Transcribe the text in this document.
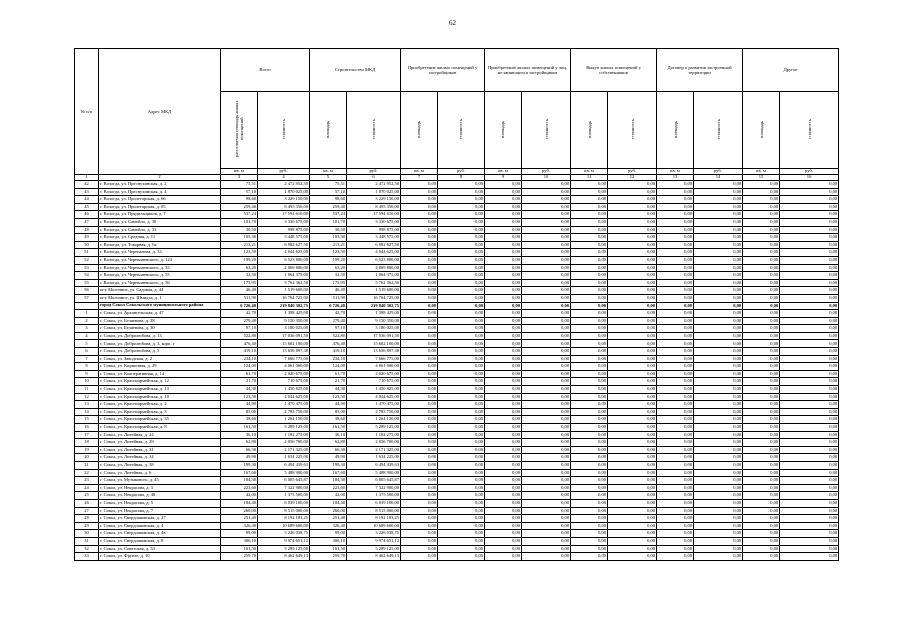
62
№ п/п	Адрес МКД	Всего		Строительство МКД		Приобретение жилых помещений у застройщиков		Приобретение жилых помещений у лиц, не являющихся застройщиком		Выкуп жилых помещений у собственников		Договор о развитии застроенной территории		Другое	
		расселяемая площадь жилых помещений	стоимость	площадь	стоимость	площадь	стоимость	площадь	стоимость	площадь	стоимость	площадь	стоимость	площадь	стоимость
		кв. м	руб.	кв. м	руб.	кв. м	руб.	кв. м	руб.	кв. м	руб.	кв. м	руб.	кв. м	руб.
1	2	3	4	5	6	7	8	9	10	11	12	13	14	15	16
42	г. Вологда, ул. Преснухинская, д. 2	75,51	2 472 952,50	75,51	2 472 952,50	0,00	0,00	0,00	0,00	0,00	0,00	0,00	0,00	0,00	0,00
43	г. Вологда, ул. Преснухинская, д. 4	57,10	1 870 025,00	57,10	1 870 025,00	0,00	0,00	0,00	0,00	0,00	0,00	0,00	0,00	0,00	0,00
44	г. Вологда, ул. Пролетарская, д. 66	98,60	3 229 150,00	98,60	3 229 150,00	0,00	0,00	0,00	0,00	0,00	0,00	0,00	0,00	0,00	0,00
45	г. Вологда, ул. Пролетарская, д. 85	259,40	8 495 350,00	259,40	8 495 350,00	0,00	0,00	0,00	0,00	0,00	0,00	0,00	0,00	0,00	0,00
46	г. Вологда, ул. Прядильщиков, д. 7	537,24	17 594 610,00	537,24	17 594 610,00	0,00	0,00	0,00	0,00	0,00	0,00	0,00	0,00	0,00	0,00
47	г. Вологда, ул. Самойло, д. 30	101,70	3 330 675,00	101,70	3 330 675,00	0,00	0,00	0,00	0,00	0,00	0,00	0,00	0,00	0,00	0,00
48	г. Вологда, ул. Самойло, д. 33	30,50	998 875,00	30,50	998 875,00	0,00	0,00	0,00	0,00	0,00	0,00	0,00	0,00	0,00	0,00
49	г. Вологда, ул. Средняя, д. 11	105,30	3 448 575,00	105,30	3 448 575,00	0,00	0,00	0,00	0,00	0,00	0,00	0,00	0,00	0,00	0,00
50	г. Вологда, ул. Товарная, д. 6а	213,21	6 982 627,50	213,21	6 982 627,50	0,00	0,00	0,00	0,00	0,00	0,00	0,00	0,00	0,00	0,00
51	г. Вологда, ул. Черепанова, д. 33	123,50	4 044 625,00	123,50	4 044 625,00	0,00	0,00	0,00	0,00	0,00	0,00	0,00	0,00	0,00	0,00
52	г. Вологда, ул. Чернышевского, д. 124	199,20	6 523 800,00	199,20	6 523 800,00	0,00	0,00	0,00	0,00	0,00	0,00	0,00	0,00	0,00	0,00
53	г. Вологда, ул. Чернышевского, д. 35	63,20	2 069 800,00	63,20	2 069 800,00	0,00	0,00	0,00	0,00	0,00	0,00	0,00	0,00	0,00	0,00
54	г. Вологда, ул. Чернышевского, д. 55	32,50	1 064 375,00	32,50	1 064 375,00	0,00	0,00	0,00	0,00	0,00	0,00	0,00	0,00	0,00	0,00
55	г. Вологда, ул. Чернышевского, д. 56	175,95	5 762 362,50	175,95	5 762 362,50	0,00	0,00	0,00	0,00	0,00	0,00	0,00	0,00	0,00	0,00
56	пгт. Молочное, ул. Садовая, д. 44	46,40	1 519 600,00	46,40	1 519 600,00	0,00	0,00	0,00	0,00	0,00	0,00	0,00	0,00	0,00	0,00
57	пгт. Молочное, ул. Шмидта, д. 1	511,90	16 764 725,00	511,90	16 764 725,00	0,00	0,00	0,00	0,00	0,00	0,00	0,00	0,00	0,00	0,00
	город Сокол Сокольского муниципального района	6 726,40	219 840 302,75	6 726,40	219 840 302,75	0,00	0,00	0,00	0,00	0,00	0,00	0,00	0,00	0,00	0,00
1	г. Сокол, ул. Архангельская, д. 47	42,70	1 398 425,00	42,70	1 398 425,00	0,00	0,00	0,00	0,00	0,00	0,00	0,00	0,00	0,00	0,00
2	г. Сокол, ул. Беляевова, д. 28	279,40	9 150 350,00	279,40	9 150 350,00	0,00	0,00	0,00	0,00	0,00	0,00	0,00	0,00	0,00	0,00
3	г. Сокол, ул. Беляевова, д. 30	97,10	3 180 025,00	97,10	3 180 025,00	0,00	0,00	0,00	0,00	0,00	0,00	0,00	0,00	0,00	0,00
4	г. Сокол, ул. Добролюбова, д. 13	522,80	17 036 091,50	522,80	17 036 091,50	0,00	0,00	0,00	0,00	0,00	0,00	0,00	0,00	0,00	0,00
5	г. Сокол, ул. Добролюбова, д. 3, корп. г	476,40	15 602 100,00	476,40	15 602 100,00	0,00	0,00	0,00	0,00	0,00	0,00	0,00	0,00	0,00	0,00
6	г. Сокол, ул. Добролюбова, д. 5	419,10	13 656 897,38	419,10	13 656 897,38	0,00	0,00	0,00	0,00	0,00	0,00	0,00	0,00	0,00	0,00
7	г. Сокол, ул. Заводская, д. 2	234,10	7 666 775,00	234,10	7 666 775,00	0,00	0,00	0,00	0,00	0,00	0,00	0,00	0,00	0,00	0,00
8	г. Сокол, ул. Кирпичная, д. 29	124,00	4 061 000,00	124,00	4 061 000,00	0,00	0,00	0,00	0,00	0,00	0,00	0,00	0,00	0,00	0,00
9	г. Сокол, ул. Кооперативная, д. 14	61,70	2 020 675,00	61,70	2 020 675,00	0,00	0,00	0,00	0,00	0,00	0,00	0,00	0,00	0,00	0,00
10	г. Сокол, ул. Красноармейская, д. 12	21,70	710 675,00	21,70	710 675,00	0,00	0,00	0,00	0,00	0,00	0,00	0,00	0,00	0,00	0,00
11	г. Сокол, ул. Красноармейская, д. 13	44,30	1 450 825,00	44,30	1 450 825,00	0,00	0,00	0,00	0,00	0,00	0,00	0,00	0,00	0,00	0,00
12	г. Сокол, ул. Красноармейская, д. 18	123,50	4 044 625,00	123,50	4 044 625,00	0,00	0,00	0,00	0,00	0,00	0,00	0,00	0,00	0,00	0,00
13	г. Сокол, ул. Красноармейская, д. 2	44,90	1 470 475,00	44,90	1 470 475,00	0,00	0,00	0,00	0,00	0,00	0,00	0,00	0,00	0,00	0,00
14	г. Сокол, ул. Красноармейская, д. 3	85,00	2 783 750,00	85,00	2 783 750,00	0,00	0,00	0,00	0,00	0,00	0,00	0,00	0,00	0,00	0,00
15	г. Сокол, ул. Красноармейская, д. 35	38,60	1 264 150,00	38,60	1 264 150,00	0,00	0,00	0,00	0,00	0,00	0,00	0,00	0,00	0,00	0,00
16	г. Сокол, ул. Красноармейская, д. 8	161,50	5 289 125,00	161,50	5 289 125,00	0,00	0,00	0,00	0,00	0,00	0,00	0,00	0,00	0,00	0,00
17	г. Сокол, ул. Литейная, д. 24	36,10	1 182 275,00	36,10	1 182 275,00	0,00	0,00	0,00	0,00	0,00	0,00	0,00	0,00	0,00	0,00
18	г. Сокол, ул. Литейная, д. 29	62,80	2 056 700,00	62,80	2 056 700,00	0,00	0,00	0,00	0,00	0,00	0,00	0,00	0,00	0,00	0,00
19	г. Сокол, ул. Литейная, д. 31	66,30	2 171 325,00	66,30	2 171 325,00	0,00	0,00	0,00	0,00	0,00	0,00	0,00	0,00	0,00	0,00
20	г. Сокол, ул. Литейная, д. 34	49,90	1 634 225,00	49,90	1 634 225,00	0,00	0,00	0,00	0,00	0,00	0,00	0,00	0,00	0,00	0,00
21	г. Сокол, ул. Литейная, д. 38	199,30	6 494 439,63	199,30	6 494 439,63	0,00	0,00	0,00	0,00	0,00	0,00	0,00	0,00	0,00	0,00
22	г. Сокол, ул. Литейная, д. 6	167,60	5 488 900,00	167,60	5 488 900,00	0,00	0,00	0,00	0,00	0,00	0,00	0,00	0,00	0,00	0,00
23	г. Сокол, ул. Музыкового, д. 45	184,30	6 005 645,87	184,30	6 005 645,87	0,00	0,00	0,00	0,00	0,00	0,00	0,00	0,00	0,00	0,00
24	г. Сокол, ул. Некрасова, д. 3	223,60	7 322 900,00	223,60	7 322 900,00	0,00	0,00	0,00	0,00	0,00	0,00	0,00	0,00	0,00	0,00
25	г. Сокол, ул. Некрасова, д. 40	42,00	1 375 500,00	42,00	1 375 500,00	0,00	0,00	0,00	0,00	0,00	0,00	0,00	0,00	0,00	0,00
26	г. Сокол, ул. Некрасова, д. 5	184,40	6 039 100,00	184,40	6 039 100,00	0,00	0,00	0,00	0,00	0,00	0,00	0,00	0,00	0,00	0,00
27	г. Сокол, ул. Некрасова, д. 7	260,00	8 515 000,00	260,00	8 515 000,00	0,00	0,00	0,00	0,00	0,00	0,00	0,00	0,00	0,00	0,00
28	г. Сокол, ул. Свердлаковская, д. 27	251,40	8 192 183,25	251,40	8 192 183,25	0,00	0,00	0,00	0,00	0,00	0,00	0,00	0,00	0,00	0,00
29	г. Сокол, ул. Свердлаковская, д. 4	326,40	10 689 600,00	326,40	10 689 600,00	0,00	0,00	0,00	0,00	0,00	0,00	0,00	0,00	0,00	0,00
30	г. Сокол, ул. Свердлаковская, д. 4в	99,00	3 226 038,75	99,00	3 226 038,75	0,00	0,00	0,00	0,00	0,00	0,00	0,00	0,00	0,00	0,00
31	г. Сокол, ул. Свердлаковская, д. 8	306,10	9 974 651,12	306,10	9 974 651,12	0,00	0,00	0,00	0,00	0,00	0,00	0,00	0,00	0,00	0,00
32	г. Сокол, ул. Советская, д. 33	161,50	5 289 125,00	161,50	5 289 125,00	0,00	0,00	0,00	0,00	0,00	0,00	0,00	0,00	0,00	0,00
33	г. Сокол, ул. Фрунзе, д. 10	259,70	8 462 649,13	259,70	8 462 649,13	0,00	0,00	0,00	0,00	0,00	0,00	0,00	0,00	0,00	0,00
